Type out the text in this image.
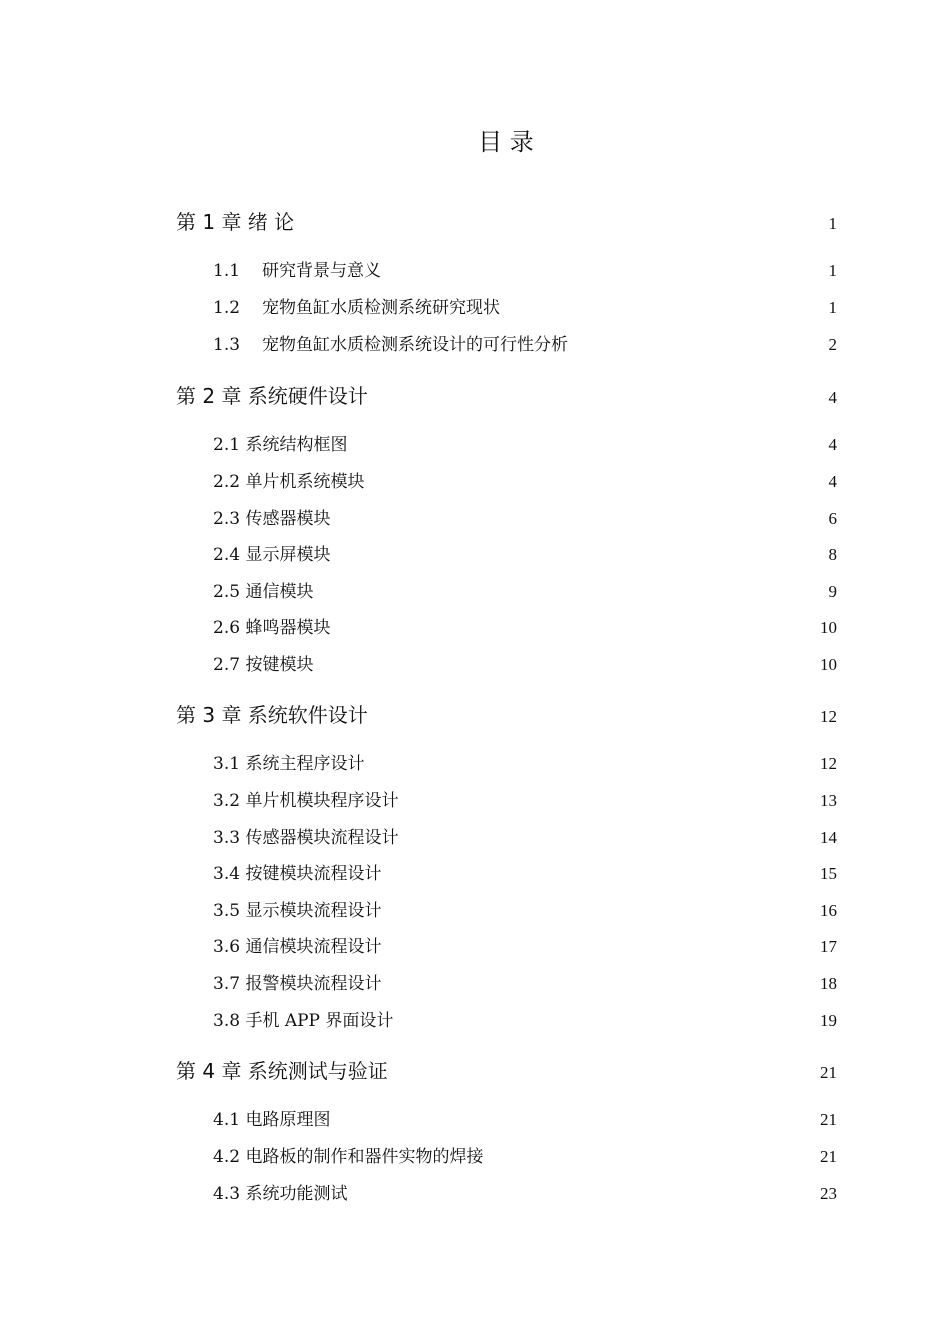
目 录
第 1 章 绪 论	1
1.1 研究背景与意义	1
1.2 宠物鱼缸水质检测系统研究现状	1
1.3 宠物鱼缸水质检测系统设计的可行性分析	2
第 2 章 系统硬件设计	4
2.1 系统结构框图	4
2.2 单片机系统模块	4
2.3 传感器模块	6
2.4 显示屏模块	8
2.5 通信模块	9
2.6 蜂鸣器模块	10
2.7 按键模块	10
第 3 章 系统软件设计	12
3.1 系统主程序设计	12
3.2 单片机模块程序设计	13
3.3 传感器模块流程设计	14
3.4 按键模块流程设计	15
3.5 显示模块流程设计	16
3.6 通信模块流程设计	17
3.7 报警模块流程设计	18
3.8 手机 APP 界面设计	19
第 4 章 系统测试与验证	21
4.1 电路原理图	21
4.2 电路板的制作和器件实物的焊接	21
4.3 系统功能测试	23
